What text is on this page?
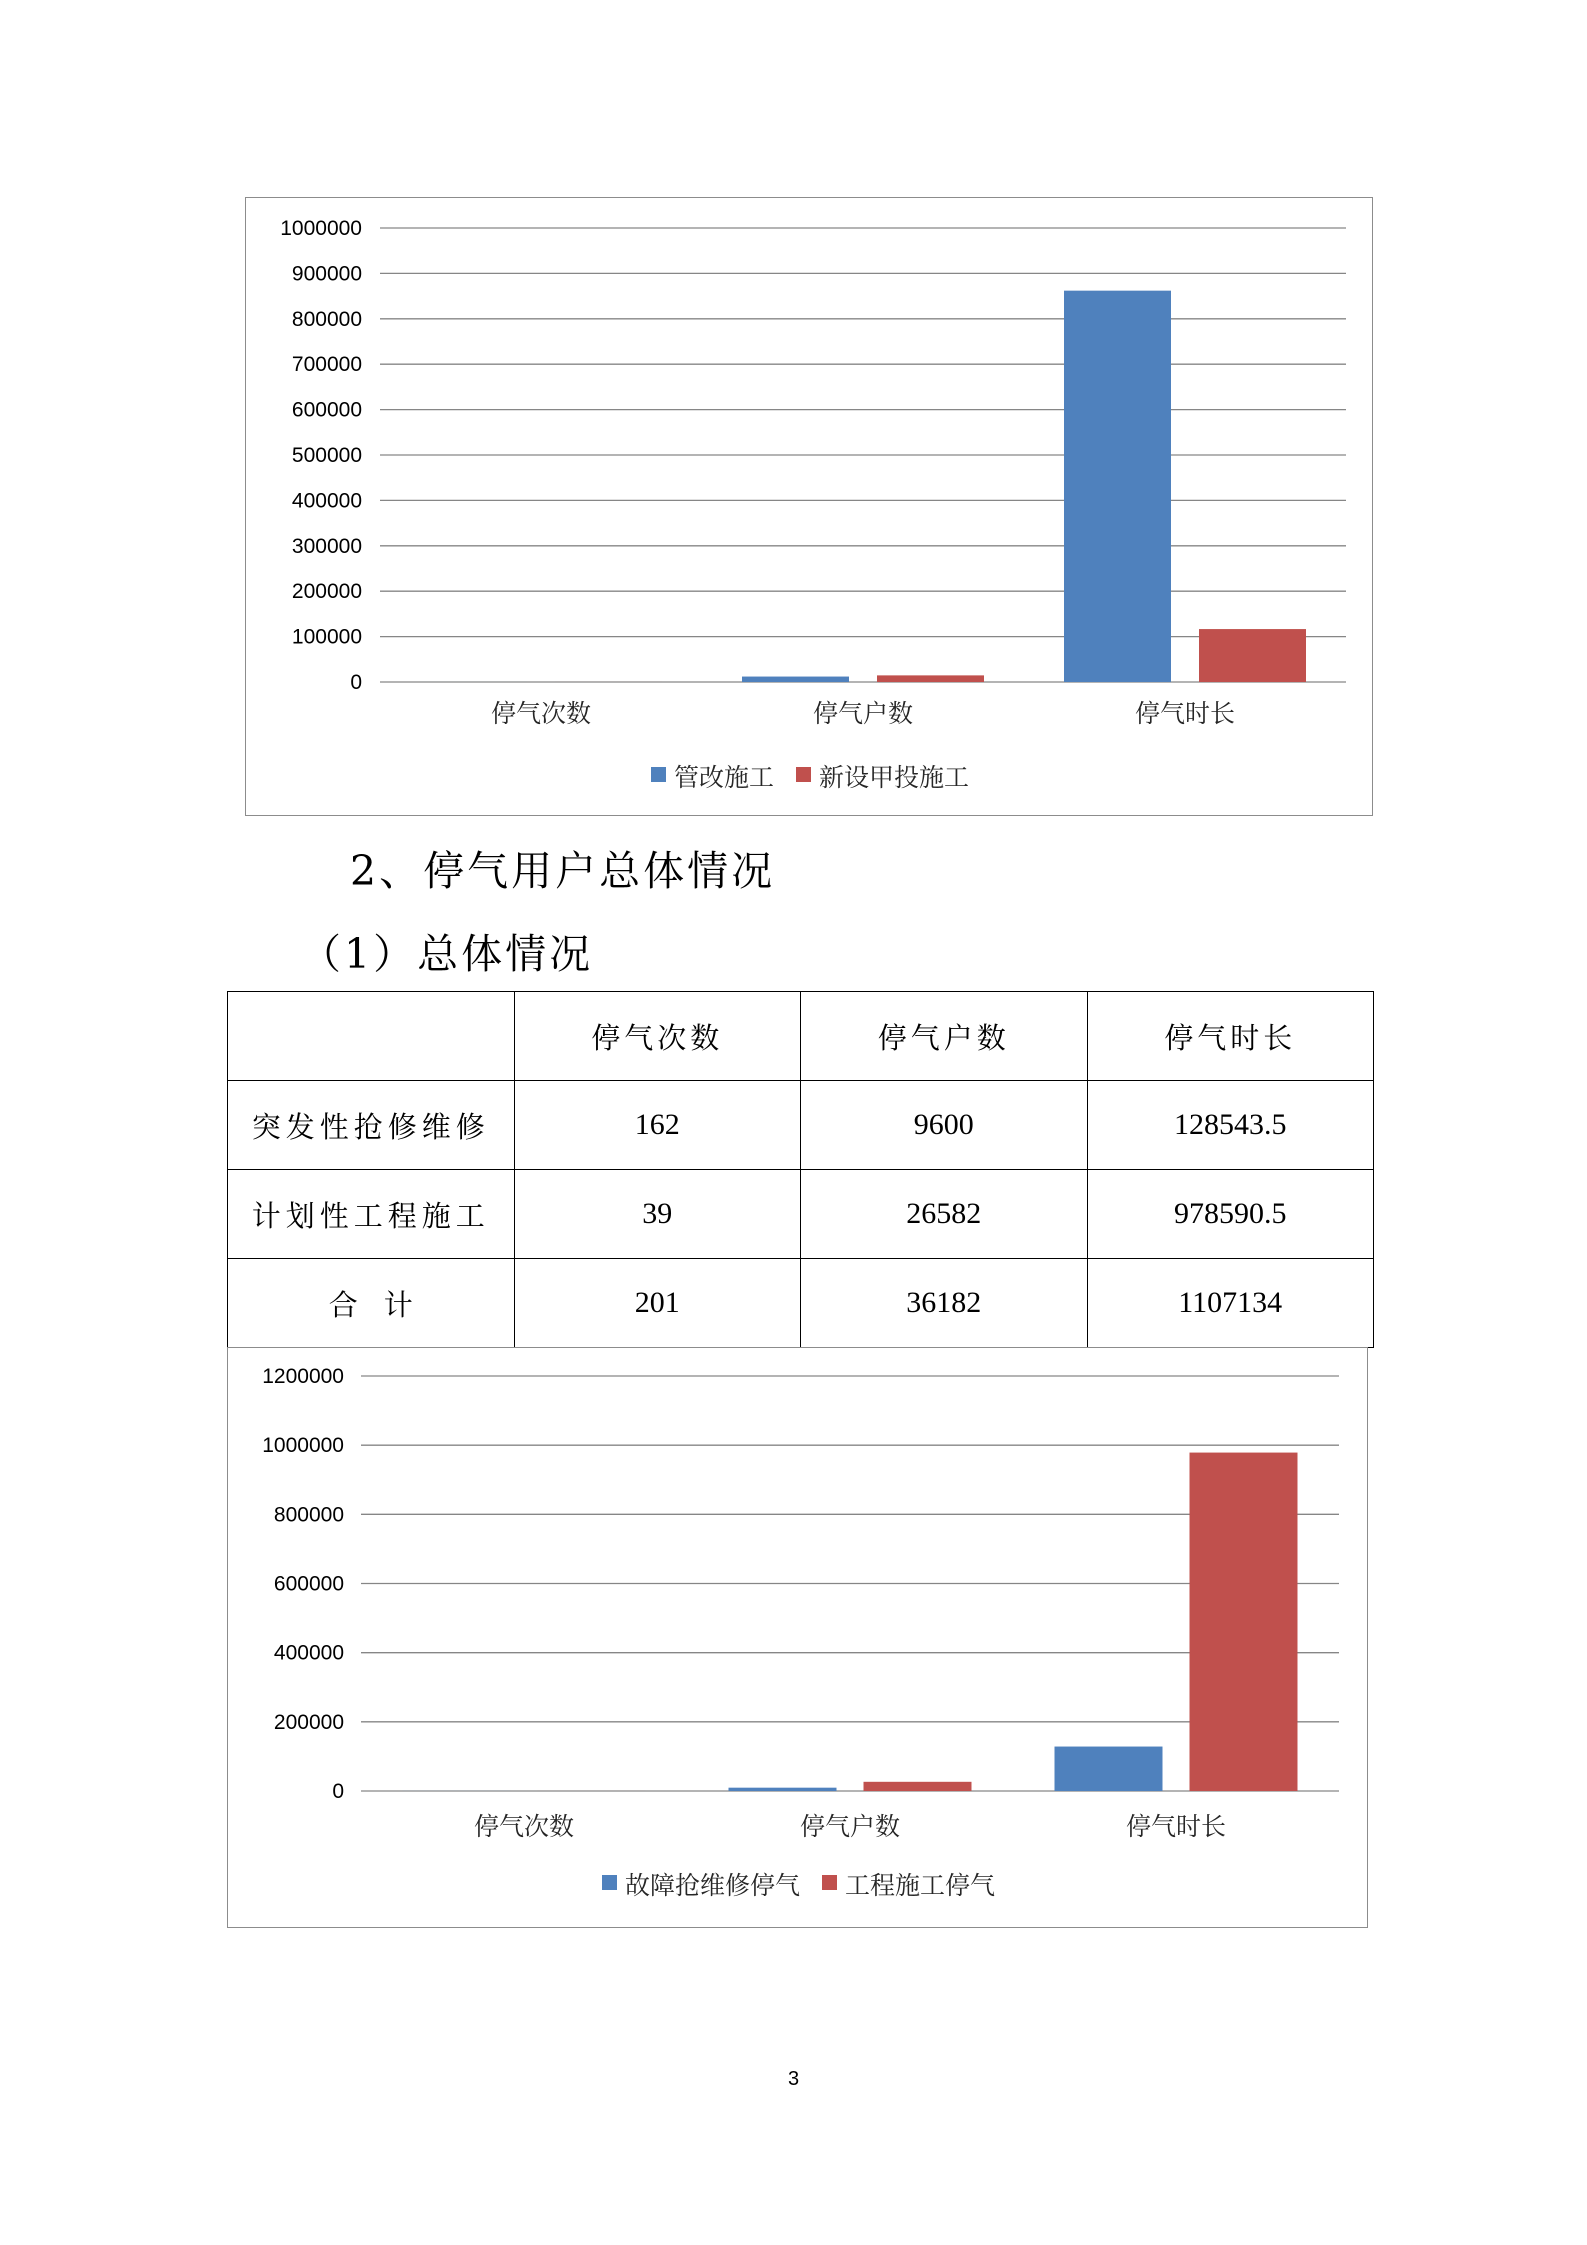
1000000
900000
800000
700000
600000
500000
400000
300000
200000
100000
0
停气次数	停气户数	停气时长
管改施工 新设甲投施工
2、停气用户总体情况
（1）总体情况
	停气次数	停气户数	停气时长
突发性抢修维修	162	9600	128543.5
计划性工程施工	39	26582	978590.5
合计	201	36182	1107134
1200000
1000000
800000
600000
400000
200000
0
停气次数	停气户数	停气时长
故障抢维修停气 工程施工停气
3
